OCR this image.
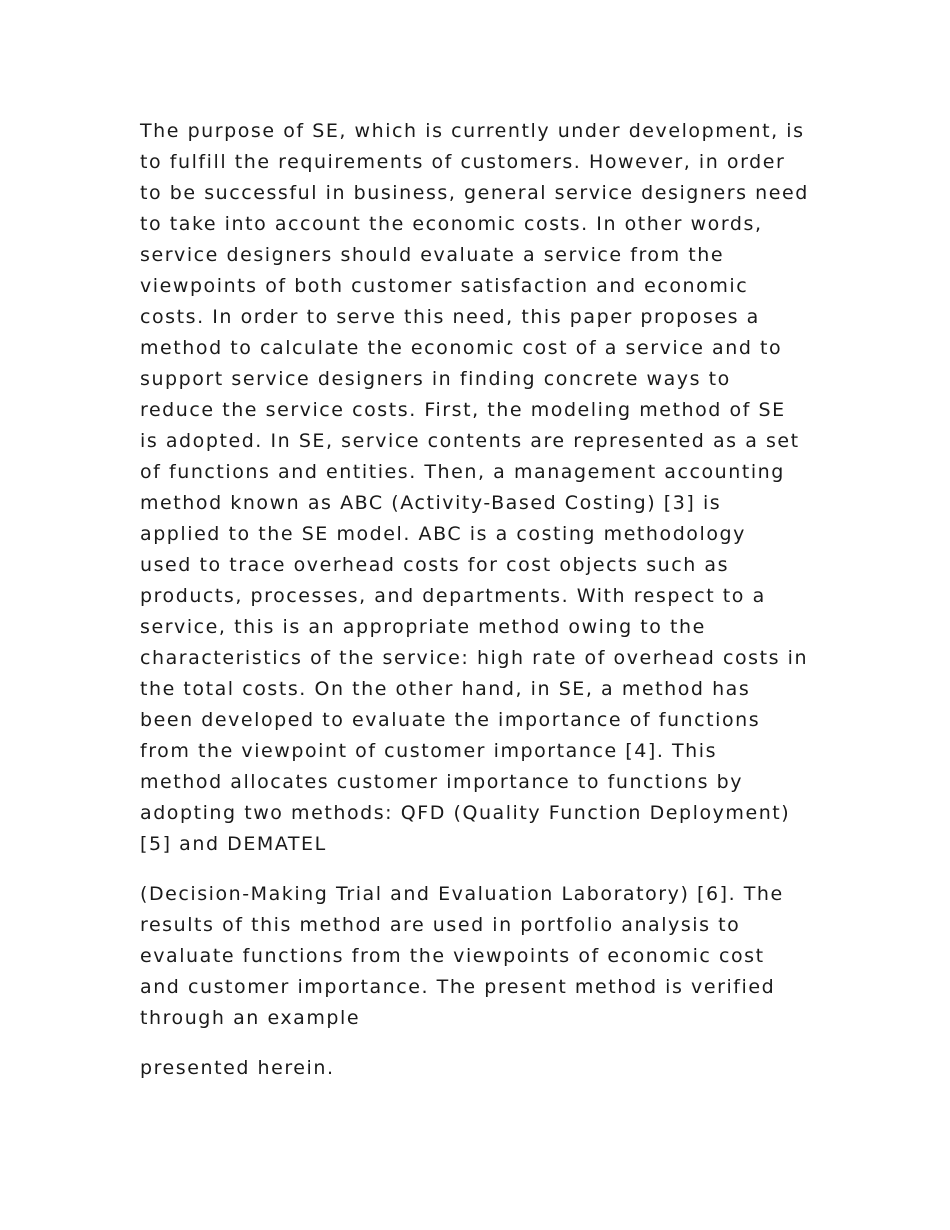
The purpose of SE, which is currently under development, is
to fulfill the requirements of customers. However, in order
to be successful in business, general service designers need
to take into account the economic costs. In other words,
service designers should evaluate a service from the
viewpoints of both customer satisfaction and economic
costs. In order to serve this need, this paper proposes a
method to calculate the economic cost of a service and to
support service designers in finding concrete ways to
reduce the service costs. First, the modeling method of SE
is adopted. In SE, service contents are represented as a set
of functions and entities. Then, a management accounting
method known as ABC (Activity-Based Costing) [3] is
applied to the SE model. ABC is a costing methodology
used to trace overhead costs for cost objects such as
products, processes, and departments. With respect to a
service, this is an appropriate method owing to the
characteristics of the service: high rate of overhead costs in
the total costs. On the other hand, in SE, a method has
been developed to evaluate the importance of functions
from the viewpoint of customer importance [4]. This
method allocates customer importance to functions by
adopting two methods: QFD (Quality Function Deployment)
[5] and DEMATEL

(Decision-Making Trial and Evaluation Laboratory) [6]. The
results of this method are used in portfolio analysis to
evaluate functions from the viewpoints of economic cost
and customer importance. The present method is verified
through an example

presented herein.
